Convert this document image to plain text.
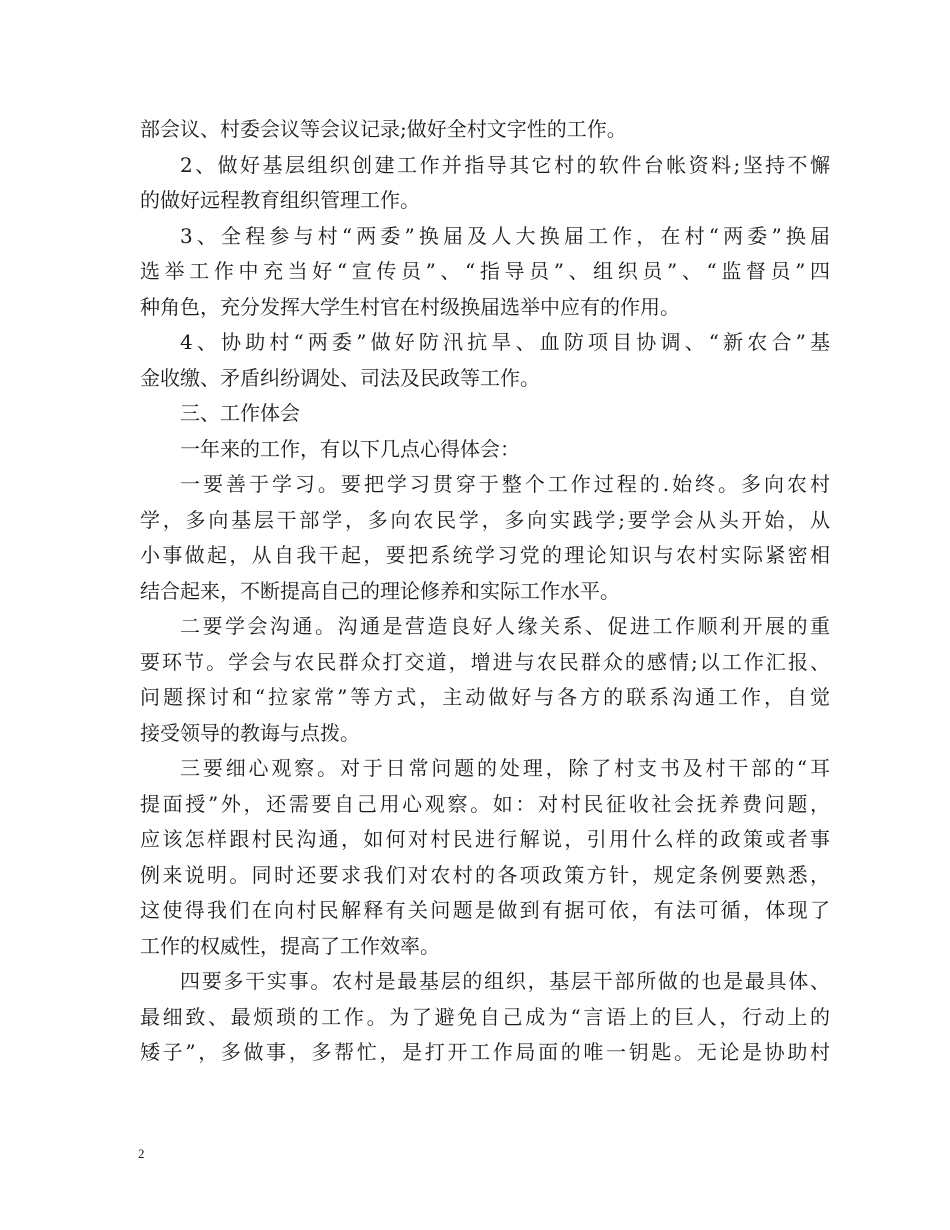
部会议、村委会议等会议记录;做好全村文字性的工作。
2、做好基层组织创建工作并指导其它村的软件台帐资料;坚持不懈
的做好远程教育组织管理工作。
3、全程参与村“两委”换届及人大换届工作，在村“两委”换届
选举工作中充当好“宣传员”、“指导员”、组织员”、“监督员”四
种角色，充分发挥大学生村官在村级换届选举中应有的作用。
4、协助村“两委”做好防汛抗旱、血防项目协调、“新农合”基
金收缴、矛盾纠纷调处、司法及民政等工作。
三、工作体会
一年来的工作，有以下几点心得体会：
一要善于学习。要把学习贯穿于整个工作过程的.始终。多向农村
学，多向基层干部学，多向农民学，多向实践学;要学会从头开始，从
小事做起，从自我干起，要把系统学习党的理论知识与农村实际紧密相
结合起来，不断提高自己的理论修养和实际工作水平。
二要学会沟通。沟通是营造良好人缘关系、促进工作顺利开展的重
要环节。学会与农民群众打交道，增进与农民群众的感情;以工作汇报、
问题探讨和“拉家常”等方式，主动做好与各方的联系沟通工作，自觉
接受领导的教诲与点拨。
三要细心观察。对于日常问题的处理，除了村支书及村干部的“耳
提面授”外，还需要自己用心观察。如：对村民征收社会抚养费问题，
应该怎样跟村民沟通，如何对村民进行解说，引用什么样的政策或者事
例来说明。同时还要求我们对农村的各项政策方针，规定条例要熟悉，
这使得我们在向村民解释有关问题是做到有据可依，有法可循，体现了
工作的权威性，提高了工作效率。
四要多干实事。农村是最基层的组织，基层干部所做的也是最具体、
最细致、最烦琐的工作。为了避免自己成为“言语上的巨人，行动上的
矮子”，多做事，多帮忙，是打开工作局面的唯一钥匙。无论是协助村
2
